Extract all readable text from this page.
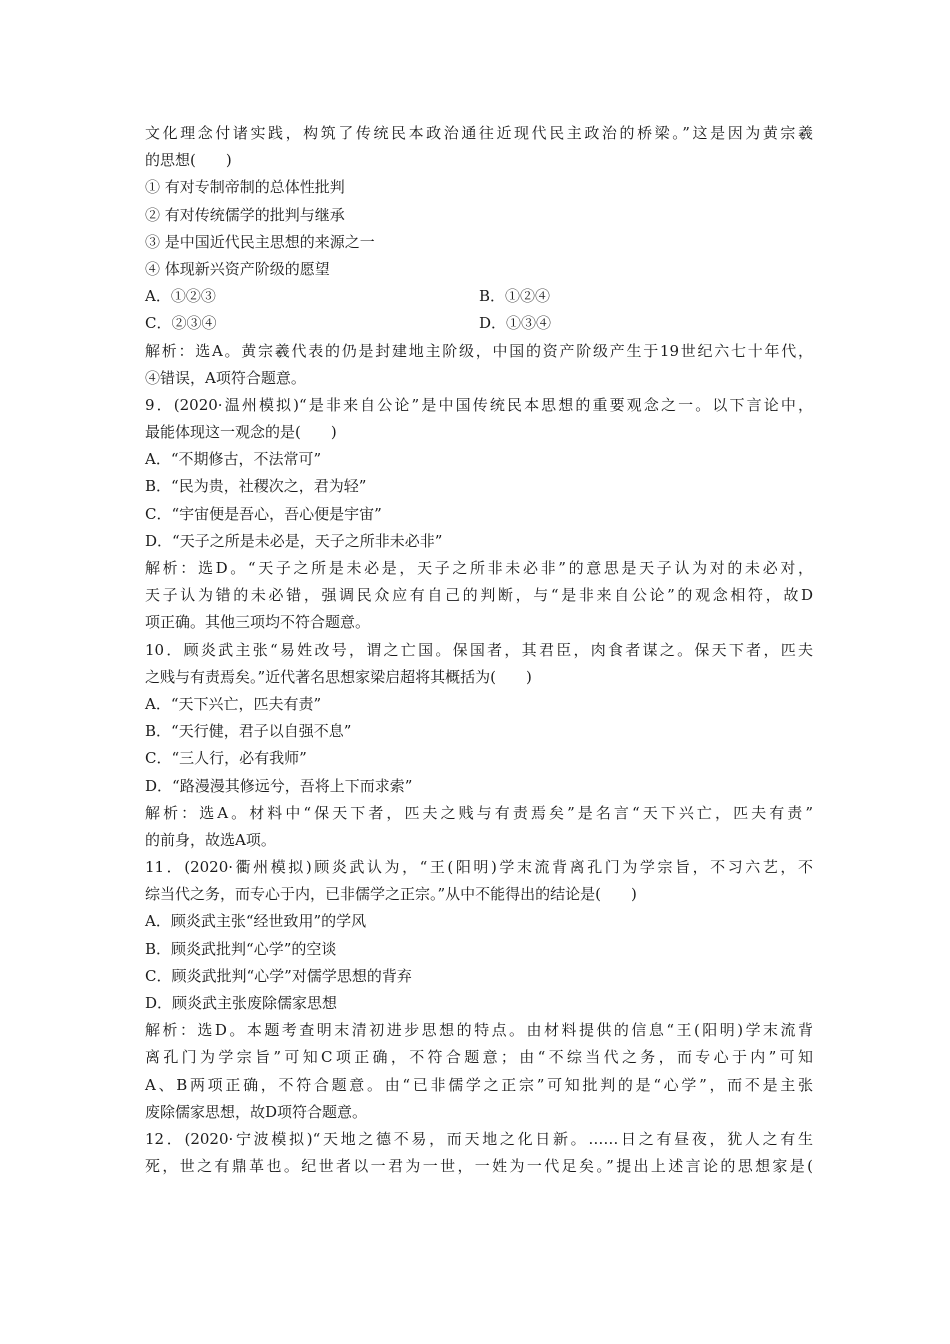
文化理念付诸实践，构筑了传统民本政治通往近现代民主政治的桥梁。”这是因为黄宗羲
的思想(　　)
① 有对专制帝制的总体性批判
② 有对传统儒学的批判与继承
③ 是中国近代民主思想的来源之一
④ 体现新兴资产阶级的愿望
A．①②③	B．①②④
C．②③④	D．①③④
解析：选A。黄宗羲代表的仍是封建地主阶级，中国的资产阶级产生于19世纪六七十年代，
④错误，A项符合题意。
9．(2020·温州模拟)“是非来自公论”是中国传统民本思想的重要观念之一。以下言论中，
最能体现这一观念的是(　　)
A．“不期修古，不法常可”
B．“民为贵，社稷次之，君为轻”
C．“宇宙便是吾心，吾心便是宇宙”
D．“天子之所是未必是，天子之所非未必非”
解析：选D。“天子之所是未必是，天子之所非未必非”的意思是天子认为对的未必对，
天子认为错的未必错，强调民众应有自己的判断，与“是非来自公论”的观念相符，故D
项正确。其他三项均不符合题意。
10．顾炎武主张“易姓改号，谓之亡国。保国者，其君臣，肉食者谋之。保天下者，匹夫
之贱与有责焉矣。”近代著名思想家梁启超将其概括为(　　)
A．“天下兴亡，匹夫有责”
B．“天行健，君子以自强不息”
C．“三人行，必有我师”
D．“路漫漫其修远兮，吾将上下而求索”
解析：选A。材料中“保天下者，匹夫之贱与有责焉矣”是名言“天下兴亡，匹夫有责”
的前身，故选A项。
11．(2020·衢州模拟)顾炎武认为，“王(阳明)学末流背离孔门为学宗旨，不习六艺，不
综当代之务，而专心于内，已非儒学之正宗。”从中不能得出的结论是(　　)
A．顾炎武主张“经世致用”的学风
B．顾炎武批判“心学”的空谈
C．顾炎武批判“心学”对儒学思想的背弃
D．顾炎武主张废除儒家思想
解析：选D。本题考查明末清初进步思想的特点。由材料提供的信息“王(阳明)学末流背
离孔门为学宗旨”可知C项正确，不符合题意；由“不综当代之务，而专心于内”可知
A、B两项正确，不符合题意。由“已非儒学之正宗”可知批判的是“心学”，而不是主张
废除儒家思想，故D项符合题意。
12．(2020·宁波模拟)“天地之德不易，而天地之化日新。……日之有昼夜，犹人之有生
死，世之有鼎革也。纪世者以一君为一世，一姓为一代足矣。”提出上述言论的思想家是(
